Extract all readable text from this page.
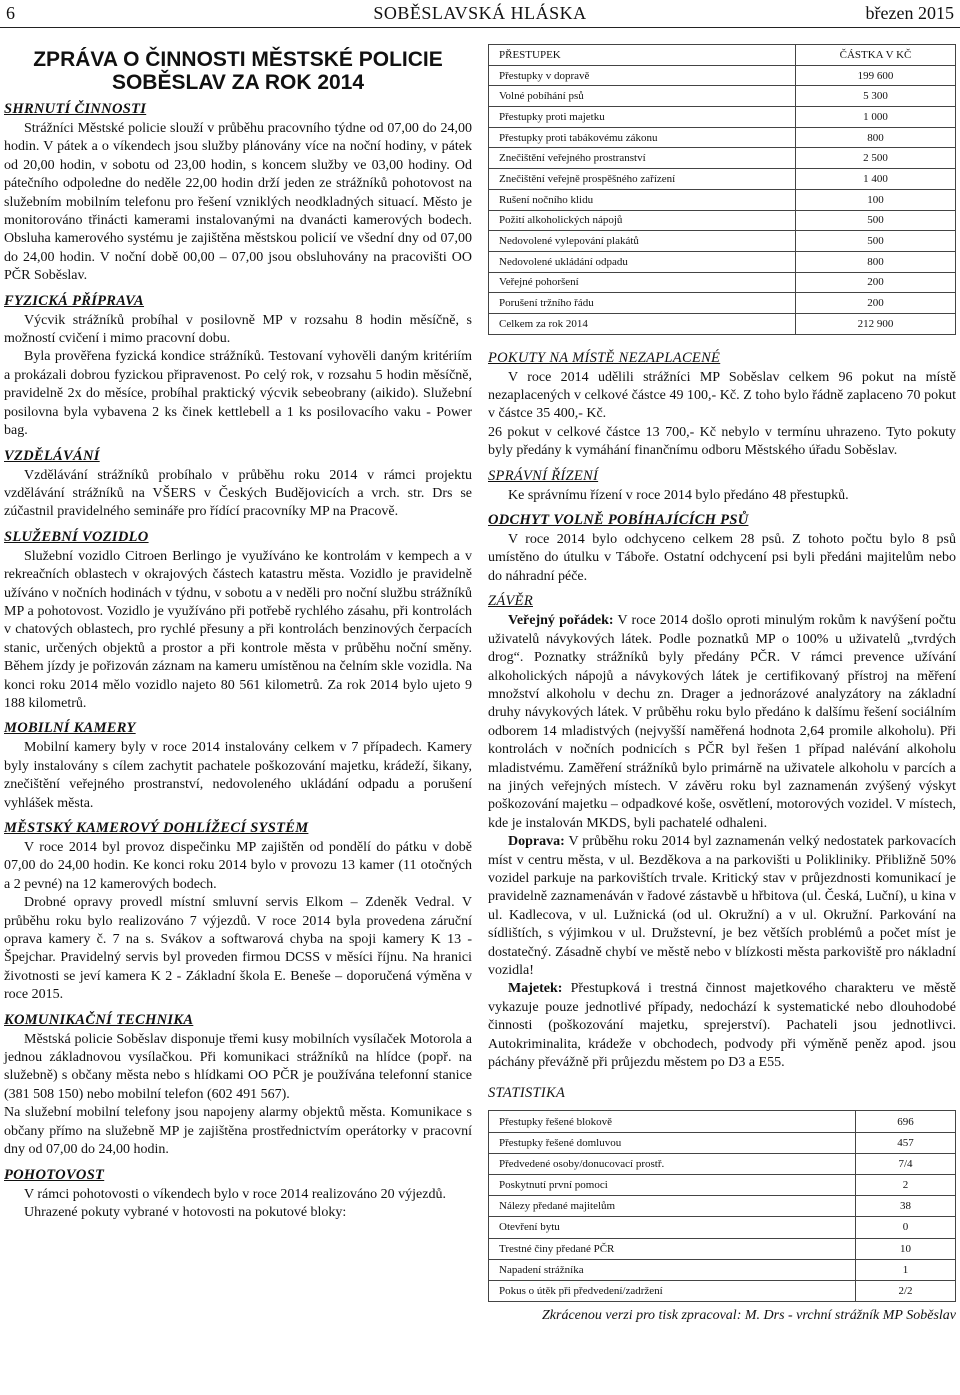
6	SOBĚSLAVSKÁ HLÁSKA	březen 2015
ZPRÁVA O ČINNOSTI MĚSTSKÉ POLICIE SOBĚSLAV ZA ROK 2014
SHRNUTÍ ČINNOSTI

Strážníci Městské policie slouží v průběhu pracovního týdne od 07,00 do 24,00 hodin. V pátek a o víkendech jsou služby plánovány více na noční hodiny, v pátek od 20,00 hodin, v sobotu od 23,00 hodin, s koncem služby ve 03,00 hodiny. Od pátečního odpoledne do neděle 22,00 hodin drží jeden ze strážníků pohotovost na služebním mobilním telefonu pro řešení vzniklých neodkladných situací. Město je monitorováno třinácti kamerami instalovanými na dvanácti kamerových bodech. Obsluha kamerového systému je zajištěna městskou policií ve všední dny od 07,00 do 24,00 hodin. V noční době 00,00 – 07,00 jsou obsluhovány na pracovišti OO PČR Soběslav.

FYZICKÁ PŘÍPRAVA

Výcvik strážníků probíhal v posilovně MP v rozsahu 8 hodin měsíčně, s možností cvičení i mimo pracovní dobu.

Byla prověřena fyzická kondice strážníků. Testovaní vyhověli daným kritériím a prokázali dobrou fyzickou připravenost. Po celý rok, v rozsahu 5 hodin měsíčně, pravidelně 2x do měsíce, probíhal praktický výcvik sebeobrany (aikido). Služební posilovna byla vybavena 2 ks činek kettlebell a 1 ks posilovacího vaku - Power bag.

VZDĚLÁVÁNÍ

Vzdělávání strážníků probíhalo v průběhu roku 2014 v rámci projektu vzdělávání strážníků na VŠERS v Českých Budějovicích a vrch. str. Drs se zúčastnil pravidelného semináře pro řídící pracovníky MP na Pracově.

SLUŽEBNÍ VOZIDLO

Služební vozidlo Citroen Berlingo je využíváno ke kontrolám v kempech a v rekreačních oblastech v okrajových částech katastru města. Vozidlo je pravidelně užíváno v nočních hodinách v týdnu, v sobotu a v neděli pro noční službu strážníků MP a pohotovost. Vozidlo je využíváno při potřebě rychlého zásahu, při kontrolách v chatových oblastech, pro rychlé přesuny a při kontrolách benzinových čerpacích stanic, určených objektů a prostor a při kontrole města v průběhu noční směny. Během jízdy je pořizován záznam na kameru umístěnou na čelním skle vozidla. Na konci roku 2014 mělo vozidlo najeto 80 561 kilometrů. Za rok 2014 bylo ujeto 9 188 kilometrů.

MOBILNÍ KAMERY

Mobilní kamery byly v roce 2014 instalovány celkem v 7 případech. Kamery byly instalovány s cílem zachytit pachatele poškozování majetku, krádeží, šikany, znečištění veřejného prostranství, nedovoleného ukládání odpadu a porušení vyhlášek města.

MĚSTSKÝ KAMEROVÝ DOHLÍŽECÍ SYSTÉM

V roce 2014 byl provoz dispečinku MP zajištěn od pondělí do pátku v době 07,00 do 24,00 hodin. Ke konci roku 2014 bylo v provozu 13 kamer (11 otočných a 2 pevné) na 12 kamerových bodech.

Drobné opravy provedl místní smluvní servis Elkom – Zdeněk Vedral. V průběhu roku bylo realizováno 7 výjezdů. V roce 2014 byla provedena záruční oprava kamery č. 7 na s. Svákov a softwarová chyba na spoji kamery K 13 - Špejchar. Pravidelný servis byl proveden firmou DCSS v měsíci říjnu. Na hranici životnosti se jeví kamera K 2 - Základní škola E. Beneše – doporučená výměna v roce 2015.

KOMUNIKAČNÍ TECHNIKA

Městská policie Soběslav disponuje třemi kusy mobilních vysílaček Motorola a jednou základnovou vysílačkou. Při komunikaci strážníků na hlídce (popř. na služebně) s občany města nebo s hlídkami OO PČR je používána telefonní stanice (381 508 150) nebo mobilní telefon (602 491 567).

Na služební mobilní telefony jsou napojeny alarmy objektů města. Komunikace s občany přímo na služebně MP je zajištěna prostřednictvím operátorky v pracovní dny od 07,00 do 24,00 hodin.

POHOTOVOST

V rámci pohotovosti o víkendech bylo v roce 2014 realizováno 20 výjezdů.

Uhrazené pokuty vybrané v hotovosti na pokutové bloky:

PŘESTUPEK	ČÁSTKA V KČ
Přestupky v dopravě	199 600
Volné pobíhání psů	5 300
Přestupky proti majetku	1 000
Přestupky proti tabákovému zákonu	800
Znečištění veřejného prostranství	2 500
Znečištění veřejně prospěšného zařízení	1 400
Rušení nočního klidu	100
Požití alkoholických nápojů	500
Nedovolené vylepování plakátů	500
Nedovolené ukládání odpadu	800
Veřejné pohoršení	200
Porušení tržního řádu	200
Celkem za rok 2014	212 900
POKUTY NA MÍSTĚ NEZAPLACENÉ

V roce 2014 udělili strážníci MP Soběslav celkem 96 pokut na místě nezaplacených v celkové částce 49 100,- Kč. Z toho bylo řádně zaplaceno 70 pokut v částce 35 400,- Kč.

26 pokut v celkové částce 13 700,- Kč nebylo v termínu uhrazeno. Tyto pokuty byly předány k vymáhání finančnímu odboru Městského úřadu Soběslav.

SPRÁVNÍ ŘÍZENÍ

Ke správnímu řízení v roce 2014 bylo předáno 48 přestupků.

ODCHYT VOLNĚ POBÍHAJÍCÍCH PSŮ

V roce 2014 bylo odchyceno celkem 28 psů. Z tohoto počtu bylo 8 psů umístěno do útulku v Táboře. Ostatní odchycení psi byli předáni majitelům nebo do náhradní péče.

ZÁVĚR

Veřejný pořádek: V roce 2014 došlo oproti minulým rokům k navýšení počtu uživatelů návykových látek. Podle poznatků MP o 100% u uživatelů „tvrdých drog“. Poznatky strážníků byly předány PČR. V rámci prevence užívání alkoholických nápojů a návykových látek je certifikovaný přístroj na měření množství alkoholu v dechu zn. Drager a jednorázové analyzátory na základní druhy návykových látek. V průběhu roku bylo předáno k dalšímu řešení sociálním odborem 14 mladistvých (nejvyšší naměřená hodnota 2,64 promile alkoholu). Při kontrolách v nočních podnicích s PČR byl řešen 1 případ nalévání alkoholu mladistvému. Zaměření strážníků bylo primárně na uživatele alkoholu v parcích a na jiných veřejných místech. V závěru roku byl zaznamenán zvýšený výskyt poškozování majetku – odpadkové koše, osvětlení, motorových vozidel. V místech, kde je instalován MKDS, byli pachatelé odhaleni.

Doprava: V průběhu roku 2014 byl zaznamenán velký nedostatek parkovacích míst v centru města, v ul. Bezděkova a na parkovišti u Polikliniky. Přibližně 50% vozidel parkuje na parkovištích trvale. Kritický stav v průjezdnosti komunikací je pravidelně zaznamenáván v řadové zástavbě u hřbitova (ul. Česká, Luční), u kina v ul. Kadlecova, v ul. Lužnická (od ul. Okružní) a v ul. Okružní. Parkování na sídlištích, s výjimkou v ul. Družstevní, je bez větších problémů a počet míst je dostatečný. Zásadně chybí ve městě nebo v blízkosti města parkoviště pro nákladní vozidla!

Majetek: Přestupková i trestná činnost majetkového charakteru ve městě vykazuje pouze jednotlivé případy, nedochází k systematické nebo dlouhodobé činnosti (poškozování majetku, sprejerství). Pachateli jsou jednotlivci. Autokriminalita, krádeže v obchodech, podvody při výměně peněz apod. jsou páchány převážně při průjezdu městem po D3 a E55.

STATISTIKA
Přestupky řešené blokově	696
Přestupky řešené domluvou	457
Předvedené osoby/donucovací prostř.	7/4
Poskytnutí první pomoci	2
Nálezy předané majitelům	38
Otevření bytu	0
Trestné činy předané PČR	10
Napadení strážníka	1
Pokus o útěk při předvedení/zadržení	2/2
Zkrácenou verzi pro tisk zpracoval: M. Drs - vrchní strážník MP Soběslav
